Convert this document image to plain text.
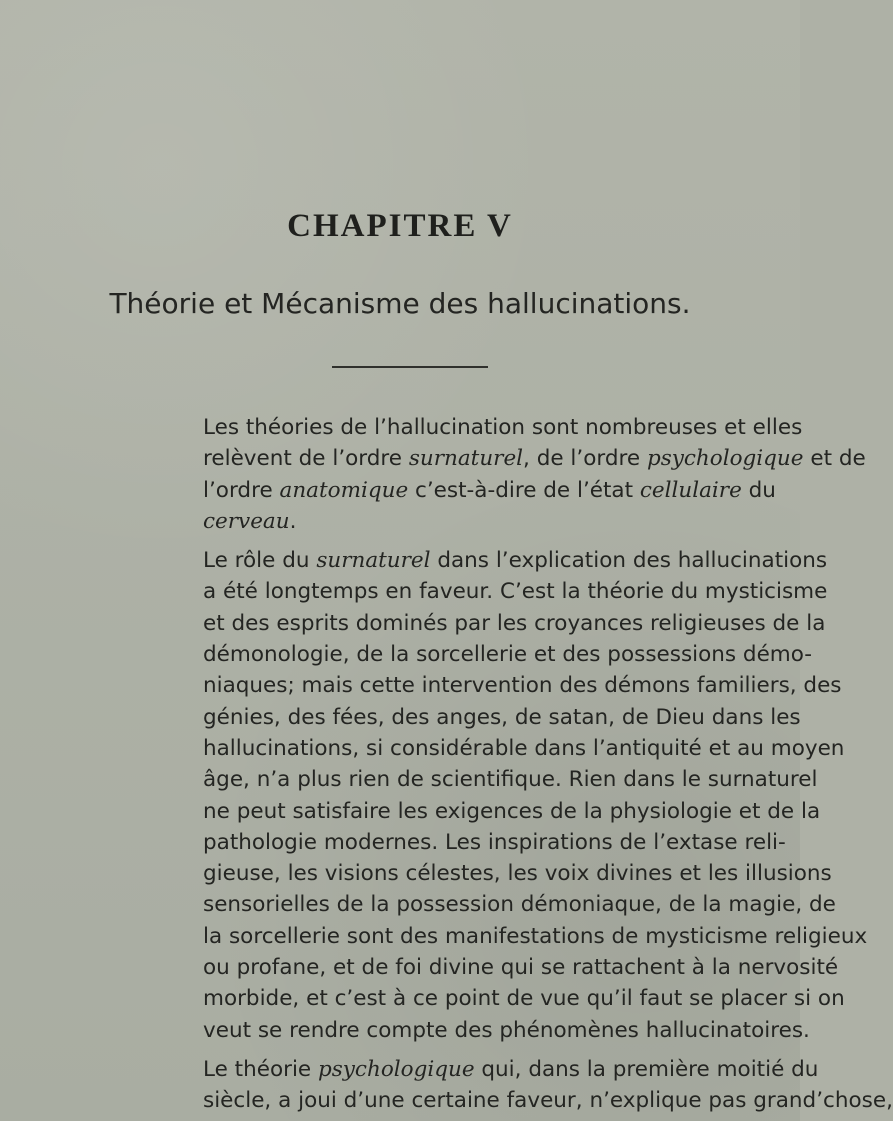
CHAPITRE V
Théorie et Mécanisme des hallucinations.
Les théories de l’hallucination sont nombreuses et elles
relèvent de l’ordre surnaturel, de l’ordre psychologique et de
l’ordre anatomique c’est-à-dire de l’état cellulaire du
cerveau.
Le rôle du surnaturel dans l’explication des hallucinations
a été longtemps en faveur. C’est la théorie du mysticisme
et des esprits dominés par les croyances religieuses de la
démonologie, de la sorcellerie et des possessions démo-
niaques; mais cette intervention des démons familiers, des
génies, des fées, des anges, de satan, de Dieu dans les
hallucinations, si considérable dans l’antiquité et au moyen
âge, n’a plus rien de scientifique. Rien dans le surnaturel
ne peut satisfaire les exigences de la physiologie et de la
pathologie modernes. Les inspirations de l’extase reli-
gieuse, les visions célestes, les voix divines et les illusions
sensorielles de la possession démoniaque, de la magie, de
la sorcellerie sont des manifestations de mysticisme religieux
ou profane, et de foi divine qui se rattachent à la nervosité
morbide, et c’est à ce point de vue qu’il faut se placer si on
veut se rendre compte des phénomènes hallucinatoires.
Le théorie psychologique qui, dans la première moitié du
siècle, a joui d’une certaine faveur, n’explique pas grand’chose,
